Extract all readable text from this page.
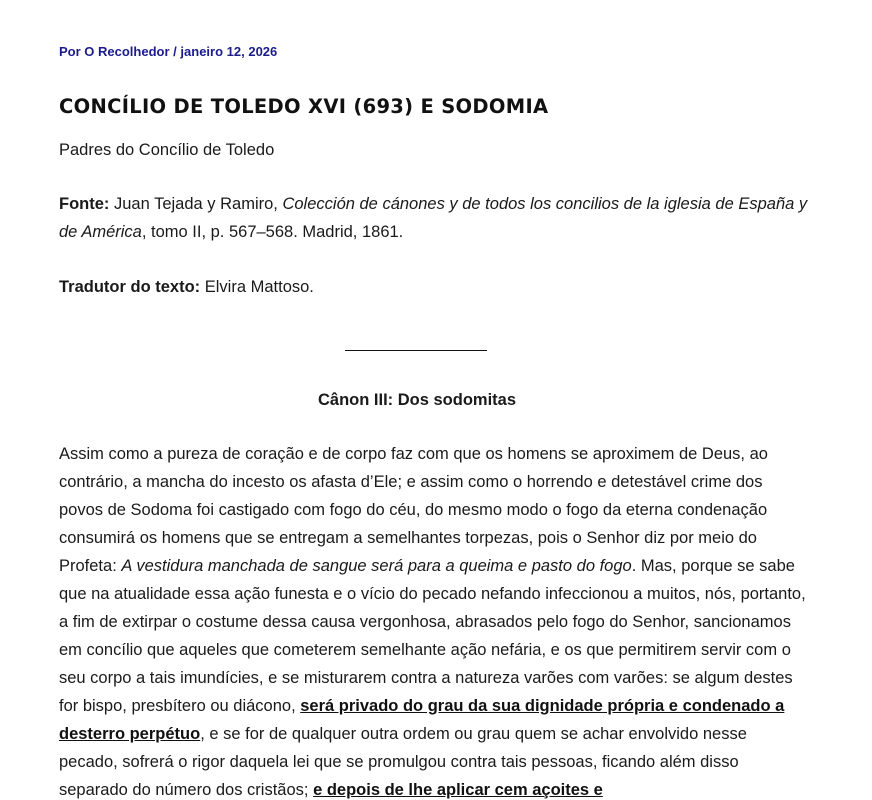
Por O Recolhedor / janeiro 12, 2026

CONCÍLIO DE TOLEDO XVI (693) E SODOMIA

Padres do Concílio de Toledo

Fonte: Juan Tejada y Ramiro, Colección de cánones y de todos los concilios de la iglesia de España y de América, tomo II, p. 567–568. Madrid, 1861.

Tradutor do texto: Elvira Mattoso.

Cânon III: Dos sodomitas

Assim como a pureza de coração e de corpo faz com que os homens se aproximem de Deus, ao contrário, a mancha do incesto os afasta d’Ele; e assim como o horrendo e detestável crime dos povos de Sodoma foi castigado com fogo do céu, do mesmo modo o fogo da eterna condenação consumirá os homens que se entregam a semelhantes torpezas, pois o Senhor diz por meio do Profeta: A vestidura manchada de sangue será para a queima e pasto do fogo. Mas, porque se sabe que na atualidade essa ação funesta e o vício do pecado nefando infeccionou a muitos, nós, portanto, a fim de extirpar o costume dessa causa vergonhosa, abrasados pelo fogo do Senhor, sancionamos em concílio que aqueles que cometerem semelhante ação nefária, e os que permitirem servir com o seu corpo a tais imundícies, e se misturarem contra a natureza varões com varões: se algum destes for bispo, presbítero ou diácono, será privado do grau da sua dignidade própria e condenado a desterro perpétuo, e se for de qualquer outra ordem ou grau quem se achar envolvido nesse pecado, sofrerá o rigor daquela lei que se promulgou contra tais pessoas, ficando além disso separado do número dos cristãos; e depois de lhe aplicar cem açoites e
